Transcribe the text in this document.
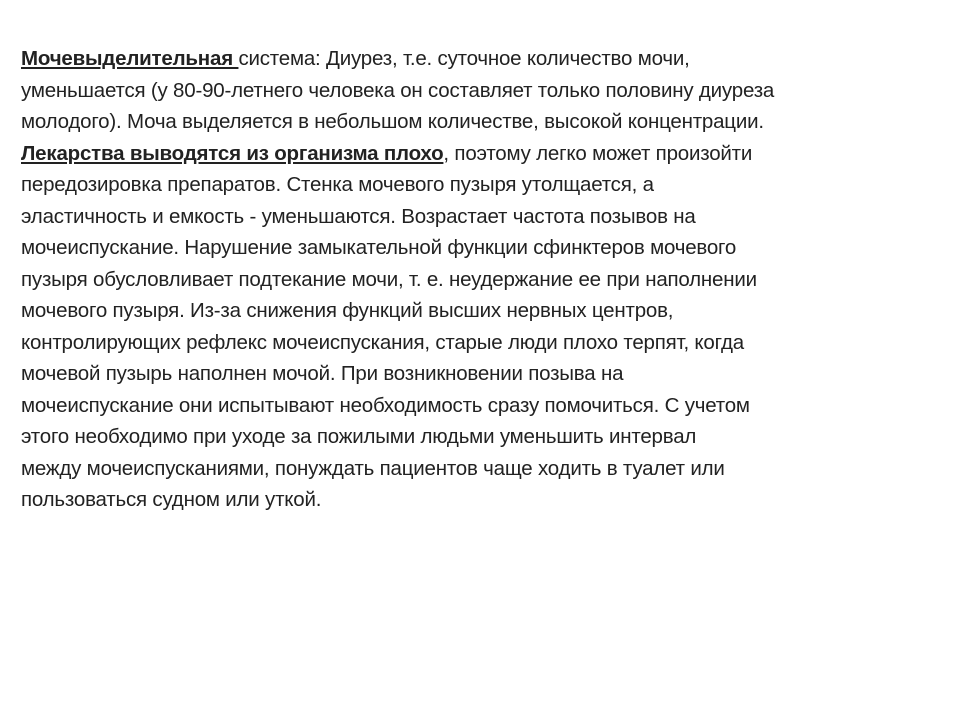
Мочевыделительная система: Диурез, т.е. суточное количество мочи,
уменьшается (у 80-90-летнего человека он составляет только половину диуреза
молодого). Моча выделяется в небольшом количестве, высокой концентрации.
Лекарства выводятся из организма плохо, поэтому легко может произойти
передозировка препаратов. Стенка мочевого пузыря утолщается, а
эластичность и емкость - уменьшаются. Возрастает частота позывов на
мочеиспускание. Нарушение замыкательной функции сфинктеров мочевого
пузыря обусловливает подтекание мочи, т. е. неудержание ее при наполнении
мочевого пузыря. Из-за снижения функций высших нервных центров,
контролирующих рефлекс мочеиспускания, старые люди плохо терпят, когда
мочевой пузырь наполнен мочой. При возникновении позыва на
мочеиспускание они испытывают необходимость сразу помочиться. С учетом
этого необходимо при уходе за пожилыми людьми уменьшить интервал
между мочеиспусканиями, понуждать пациентов чаще ходить в туалет или
пользоваться судном или уткой.
